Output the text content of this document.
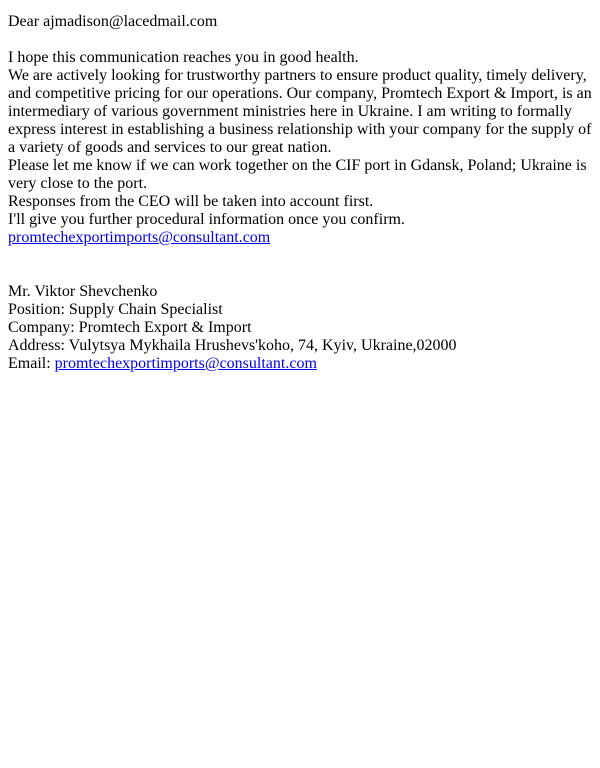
Dear ajmadison@lacedmail.com

I hope this communication reaches you in good health.
We are actively looking for trustworthy partners to ensure product quality, timely delivery, and competitive pricing for our operations. Our company, Promtech Export & Import, is an intermediary of various government ministries here in Ukraine. I am writing to formally express interest in establishing a business relationship with your company for the supply of a variety of goods and services to our great nation.
Please let me know if we can work together on the CIF port in Gdansk, Poland; Ukraine is very close to the port.
Responses from the CEO will be taken into account first.
I'll give you further procedural information once you confirm.
promtechexportimports@consultant.com

Mr. Viktor Shevchenko
Position: Supply Chain Specialist
Company: Promtech Export & Import
Address: Vulytsya Mykhaila Hrushevs'koho, 74, Kyiv, Ukraine,02000
Email: promtechexportimports@consultant.com
